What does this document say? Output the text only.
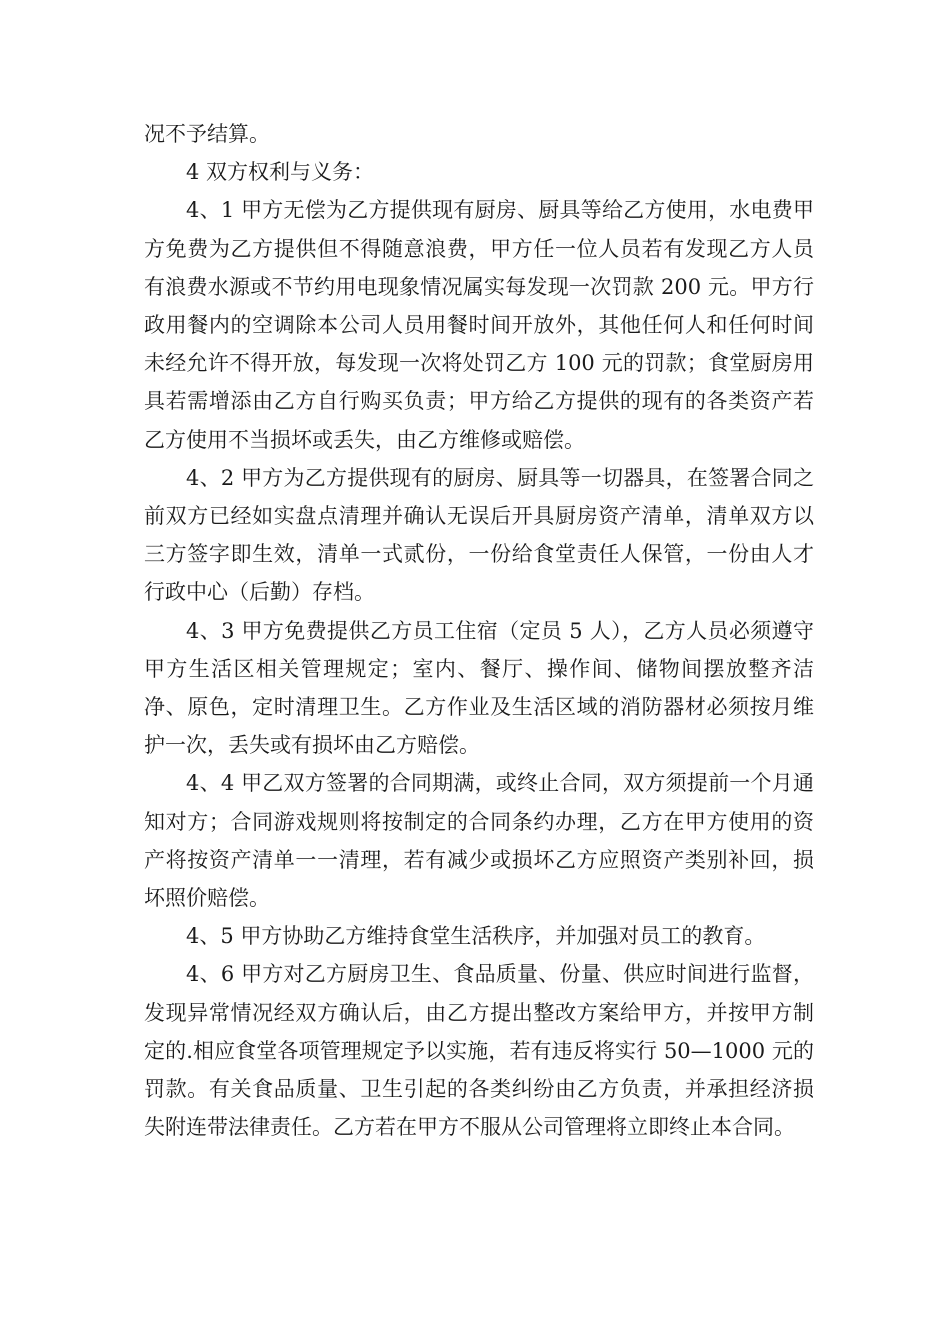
况不予结算。

4 双方权利与义务：

4、1 甲方无偿为乙方提供现有厨房、厨具等给乙方使用，水电费甲方免费为乙方提供但不得随意浪费，甲方任一位人员若有发现乙方人员有浪费水源或不节约用电现象情况属实每发现一次罚款 200 元。甲方行政用餐内的空调除本公司人员用餐时间开放外，其他任何人和任何时间未经允许不得开放，每发现一次将处罚乙方 100 元的罚款；食堂厨房用具若需增添由乙方自行购买负责；甲方给乙方提供的现有的各类资产若乙方使用不当损坏或丢失，由乙方维修或赔偿。

4、2 甲方为乙方提供现有的厨房、厨具等一切器具，在签署合同之前双方已经如实盘点清理并确认无误后开具厨房资产清单，清单双方以三方签字即生效，清单一式贰份，一份给食堂责任人保管，一份由人才行政中心（后勤）存档。

4、3 甲方免费提供乙方员工住宿（定员 5 人），乙方人员必须遵守甲方生活区相关管理规定；室内、餐厅、操作间、储物间摆放整齐洁净、原色，定时清理卫生。乙方作业及生活区域的消防器材必须按月维护一次，丢失或有损坏由乙方赔偿。

4、4 甲乙双方签署的合同期满，或终止合同，双方须提前一个月通知对方；合同游戏规则将按制定的合同条约办理，乙方在甲方使用的资产将按资产清单一一清理，若有减少或损坏乙方应照资产类别补回，损坏照价赔偿。

4、5 甲方协助乙方维持食堂生活秩序，并加强对员工的教育。

4、6 甲方对乙方厨房卫生、食品质量、份量、供应时间进行监督，发现异常情况经双方确认后，由乙方提出整改方案给甲方，并按甲方制定的.相应食堂各项管理规定予以实施，若有违反将实行 50—1000 元的罚款。有关食品质量、卫生引起的各类纠纷由乙方负责，并承担经济损失附连带法律责任。乙方若在甲方不服从公司管理将立即终止本合同。
